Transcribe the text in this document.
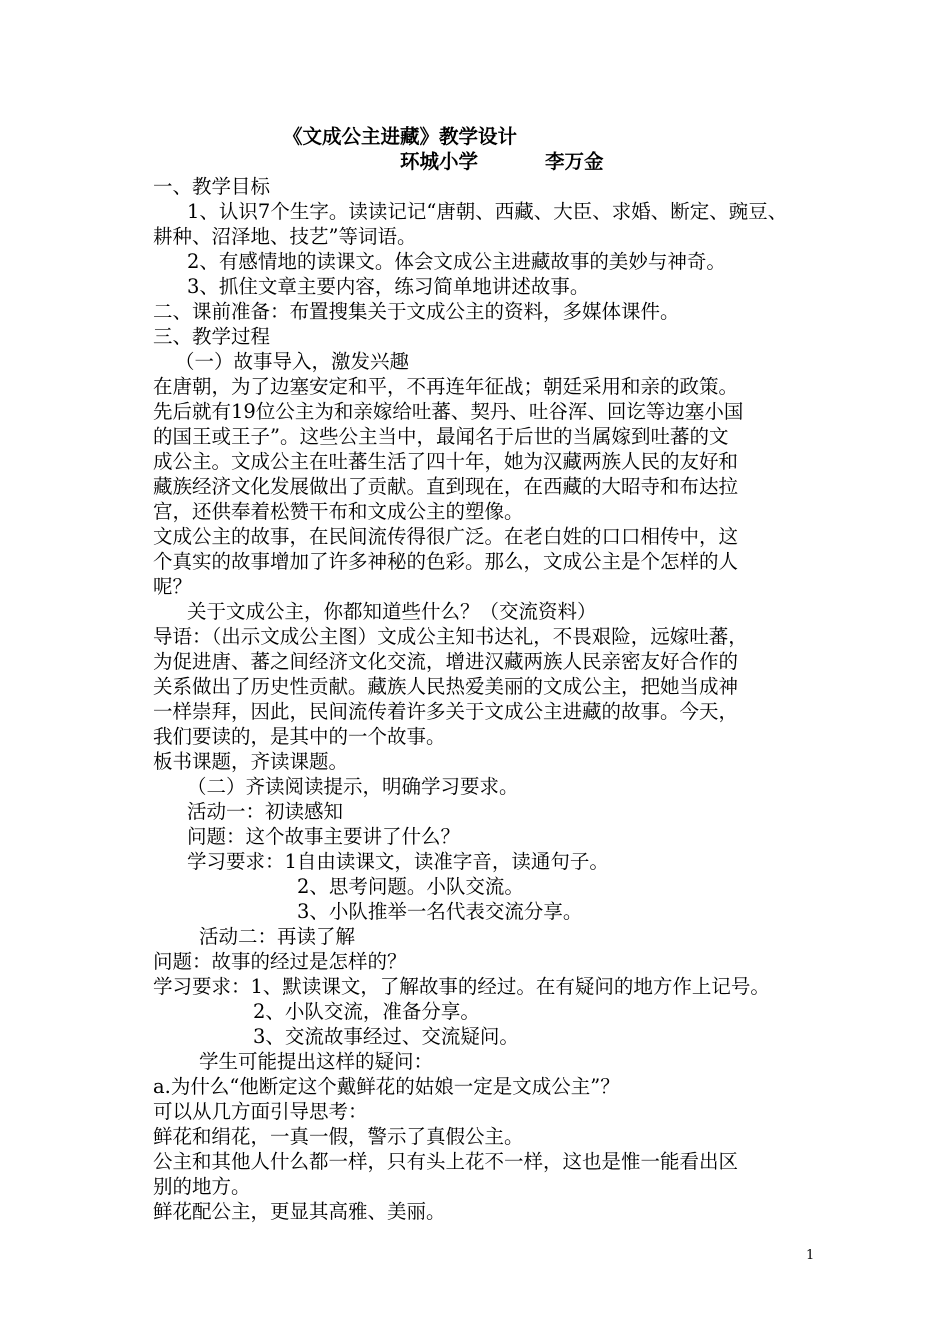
《文成公主进藏》教学设计
环城小学	李万金
一、教学目标
1、认识7个生字。读读记记“唐朝、西藏、大臣、求婚、断定、豌豆、
耕种、沼泽地、技艺”等词语。
2、有感情地的读课文。体会文成公主进藏故事的美妙与神奇。
3、抓住文章主要内容，练习简单地讲述故事。
二、课前准备：布置搜集关于文成公主的资料，多媒体课件。
三、教学过程
（一）故事导入，激发兴趣
在唐朝，为了边塞安定和平，不再连年征战；朝廷采用和亲的政策。
先后就有19位公主为和亲嫁给吐蕃、契丹、吐谷浑、回讫等边塞小国
的国王或王子”。这些公主当中，最闻名于后世的当属嫁到吐蕃的文
成公主。文成公主在吐蕃生活了四十年，她为汉藏两族人民的友好和
藏族经济文化发展做出了贡献。直到现在，在西藏的大昭寺和布达拉
宫，还供奉着松赞干布和文成公主的塑像。
文成公主的故事，在民间流传得很广泛。在老白姓的口口相传中，这
个真实的故事增加了许多神秘的色彩。那么，文成公主是个怎样的人
呢？
关于文成公主，你都知道些什么？（交流资料）
导语：（出示文成公主图）文成公主知书达礼，不畏艰险，远嫁吐蕃，
为促进唐、蕃之间经济文化交流，增进汉藏两族人民亲密友好合作的
关系做出了历史性贡献。藏族人民热爱美丽的文成公主，把她当成神
一样崇拜，因此，民间流传着许多关于文成公主进藏的故事。今天，
我们要读的，是其中的一个故事。
板书课题，齐读课题。
（二）齐读阅读提示，明确学习要求。
活动一：初读感知
问题：这个故事主要讲了什么？
学习要求：1自由读课文，读准字音，读通句子。
2、思考问题。小队交流。
3、小队推举一名代表交流分享。
活动二：再读了解
问题：故事的经过是怎样的？
学习要求：1、默读课文，了解故事的经过。在有疑问的地方作上记号。
2、小队交流，准备分享。
3、交流故事经过、交流疑问。
学生可能提出这样的疑问：
a.为什么“他断定这个戴鲜花的姑娘一定是文成公主”？
可以从几方面引导思考：
鲜花和绢花，一真一假，警示了真假公主。
公主和其他人什么都一样，只有头上花不一样，这也是惟一能看出区
别的地方。
鲜花配公主，更显其高雅、美丽。
1
